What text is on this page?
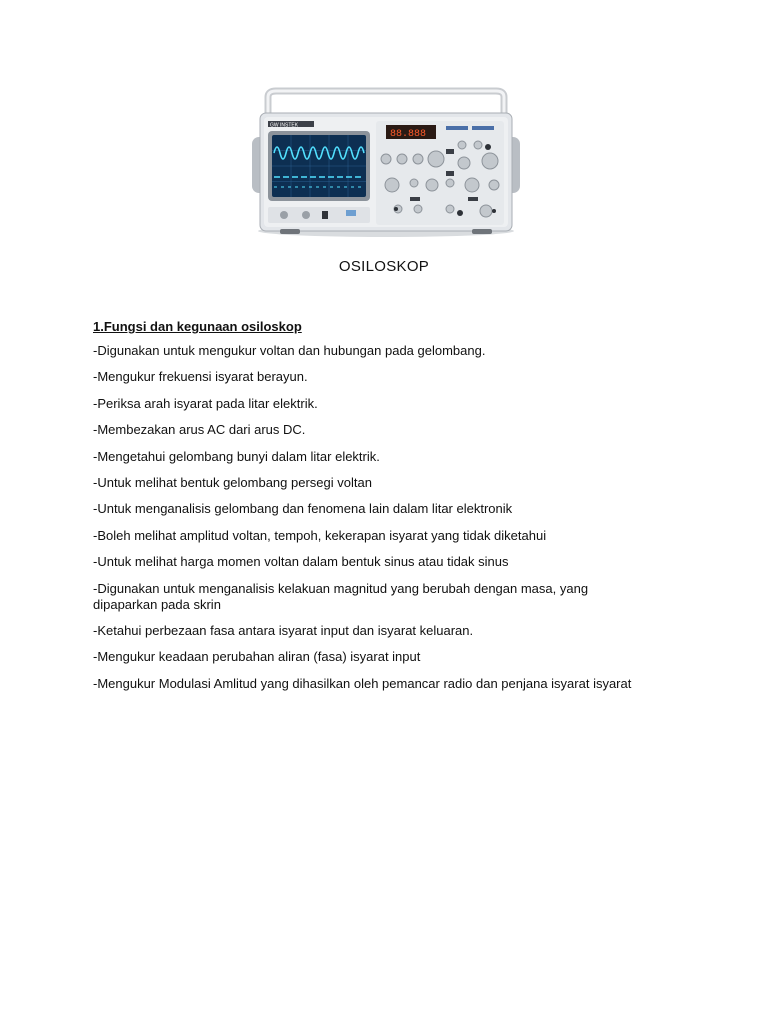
GW INSTEK
88.888
OSILOSKOP
1.Fungsi dan kegunaan osiloskop
-Digunakan untuk mengukur voltan dan hubungan pada gelombang.
-Mengukur frekuensi isyarat berayun.
-Periksa arah isyarat pada litar elektrik.
-Membezakan arus AC dari arus DC.
-Mengetahui gelombang bunyi dalam litar elektrik.
-Untuk melihat bentuk gelombang persegi voltan
-Untuk menganalisis gelombang dan fenomena lain dalam litar elektronik
-Boleh melihat amplitud voltan, tempoh, kekerapan isyarat yang tidak diketahui
-Untuk melihat harga momen voltan dalam bentuk sinus atau tidak sinus
-Digunakan untuk menganalisis kelakuan magnitud yang berubah dengan masa, yang dipaparkan pada skrin
-Ketahui perbezaan fasa antara isyarat input dan isyarat keluaran.
-Mengukur keadaan perubahan aliran (fasa) isyarat input
-Mengukur Modulasi Amlitud yang dihasilkan oleh pemancar radio dan penjana isyarat isyarat
